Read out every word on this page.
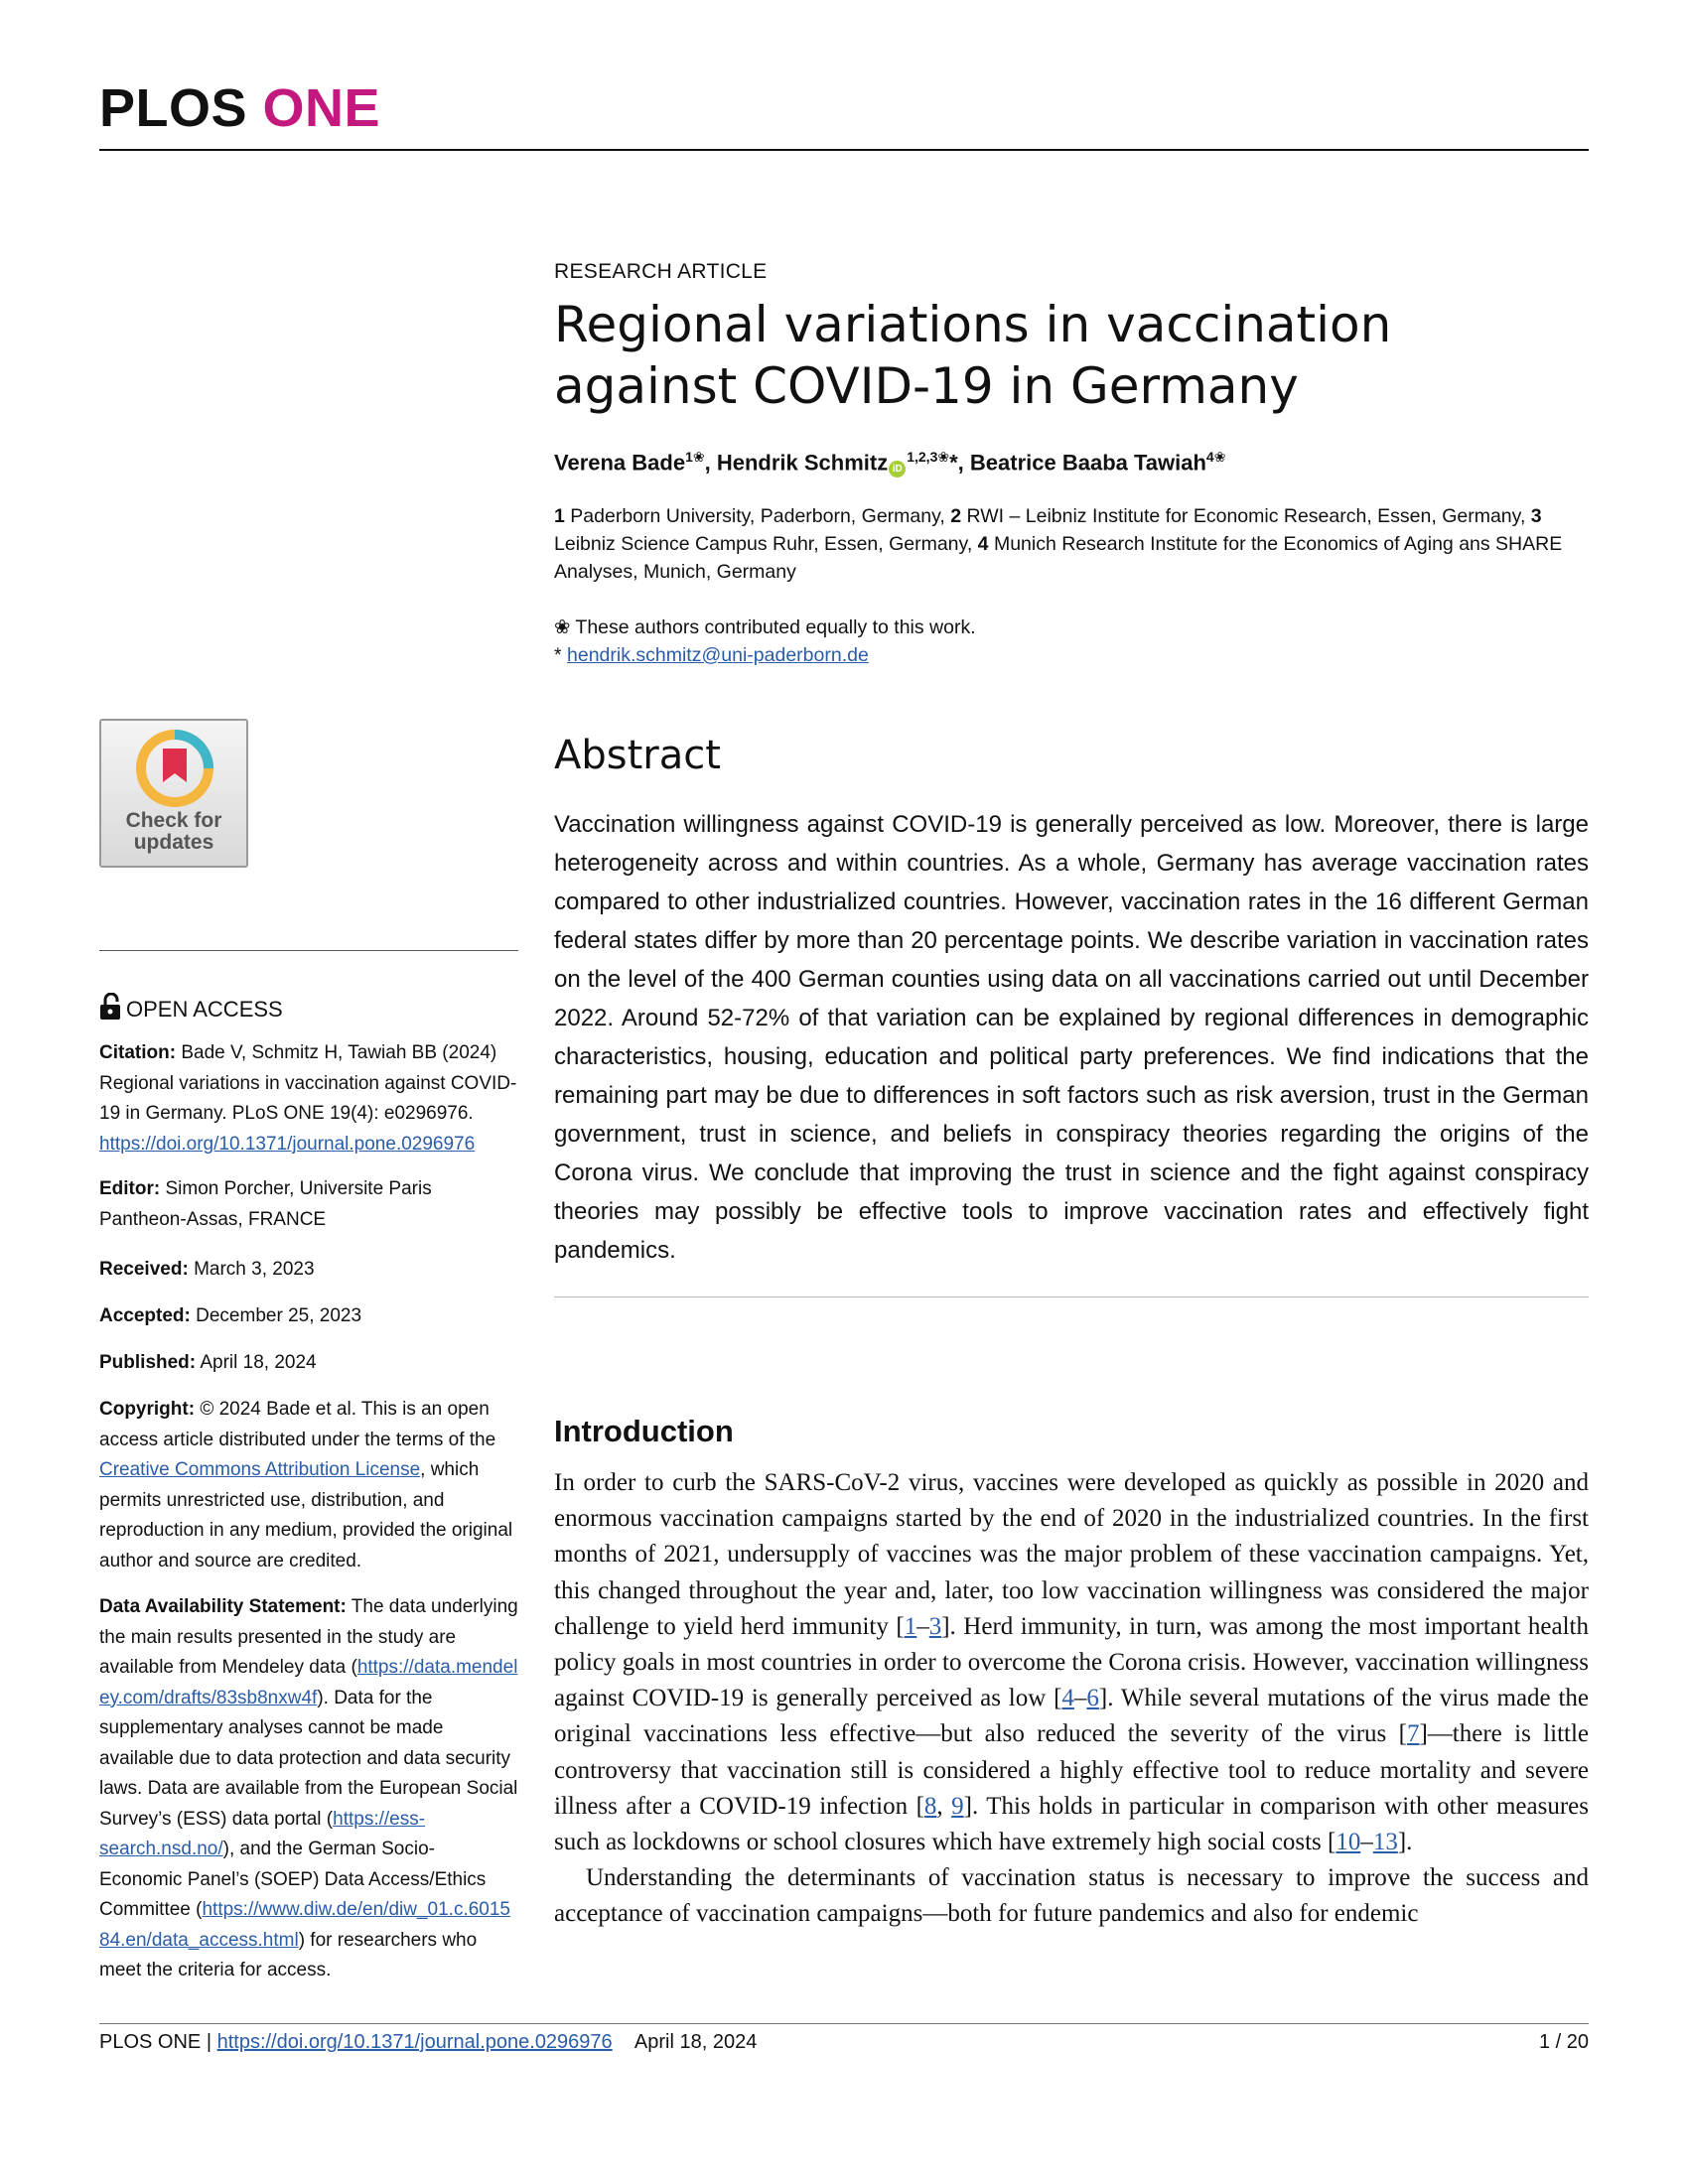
PLOS ONE
RESEARCH ARTICLE
Regional variations in vaccination against COVID-19 in Germany
Verena Bade$^{1❀}$, Hendrik Schmitz $iD^{1,2,3❀}*$, Beatrice Baaba Tawiah$^{4❀}$
1 Paderborn University, Paderborn, Germany, 2 RWI – Leibniz Institute for Economic Research, Essen, Germany, 3 Leibniz Science Campus Ruhr, Essen, Germany, 4 Munich Research Institute for the Economics of Aging ans SHARE Analyses, Munich, Germany
❀ These authors contributed equally to this work.
* hendrik.schmitz@uni-paderborn.de
Abstract

Vaccination willingness against COVID-19 is generally perceived as low. Moreover, there is large heterogeneity across and within countries. As a whole, Germany has average vaccination rates compared to other industrialized countries. However, vaccination rates in the 16 different German federal states differ by more than 20 percentage points. We describe variation in vaccination rates on the level of the 400 German counties using data on all vaccinations carried out until December 2022. Around 52-72% of that variation can be explained by regional differences in demographic characteristics, housing, education and political party preferences. We find indications that the remaining part may be due to differences in soft factors such as risk aversion, trust in the German government, trust in science, and beliefs in conspiracy theories regarding the origins of the Corona virus. We conclude that improving the trust in science and the fight against conspiracy theories may possibly be effective tools to improve vaccination rates and effectively fight pandemics.

Introduction

In order to curb the SARS-CoV-2 virus, vaccines were developed as quickly as possible in 2020 and enormous vaccination campaigns started by the end of 2020 in the industrialized countries. In the first months of 2021, undersupply of vaccines was the major problem of these vaccination campaigns. Yet, this changed throughout the year and, later, too low vaccination willingness was considered the major challenge to yield herd immunity [1–3]. Herd immunity, in turn, was among the most important health policy goals in most countries in order to overcome the Corona crisis. However, vaccination willingness against COVID-19 is generally perceived as low [4–6]. While several mutations of the virus made the original vaccinations less effective—but also reduced the severity of the virus [7]—there is little controversy that vaccination still is considered a highly effective tool to reduce mortality and severe illness after a COVID-19 infection [8, 9]. This holds in particular in comparison with other measures such as lockdowns or school closures which have extremely high social costs [10–13].

Understanding the determinants of vaccination status is necessary to improve the success and acceptance of vaccination campaigns—both for future pandemics and also for endemic

Check for
updates
OPEN ACCESS
Citation: Bade V, Schmitz H, Tawiah BB (2024) Regional variations in vaccination against COVID-19 in Germany. PLoS ONE 19(4): e0296976. https://doi.org/10.1371/journal.pone.0296976
Editor: Simon Porcher, Universite Paris Pantheon-Assas, FRANCE
Received: March 3, 2023
Accepted: December 25, 2023
Published: April 18, 2024
Copyright: © 2024 Bade et al. This is an open access article distributed under the terms of the Creative Commons Attribution License, which permits unrestricted use, distribution, and reproduction in any medium, provided the original author and source are credited.
Data Availability Statement: The data underlying the main results presented in the study are available from Mendeley data (https://data.mendeley.com/drafts/83sb8nxw4f). Data for the supplementary analyses cannot be made available due to data protection and data security laws. Data are available from the European Social Survey’s (ESS) data portal (https://ess-search.nsd.no/), and the German Socio- Economic Panel’s (SOEP) Data Access/Ethics Committee (https://www.diw.de/en/diw_01.c.601584.en/data_access.html) for researchers who meet the criteria for access.
PLOS ONE | https://doi.org/10.1371/journal.pone.0296976 April 18, 2024	1 / 20
